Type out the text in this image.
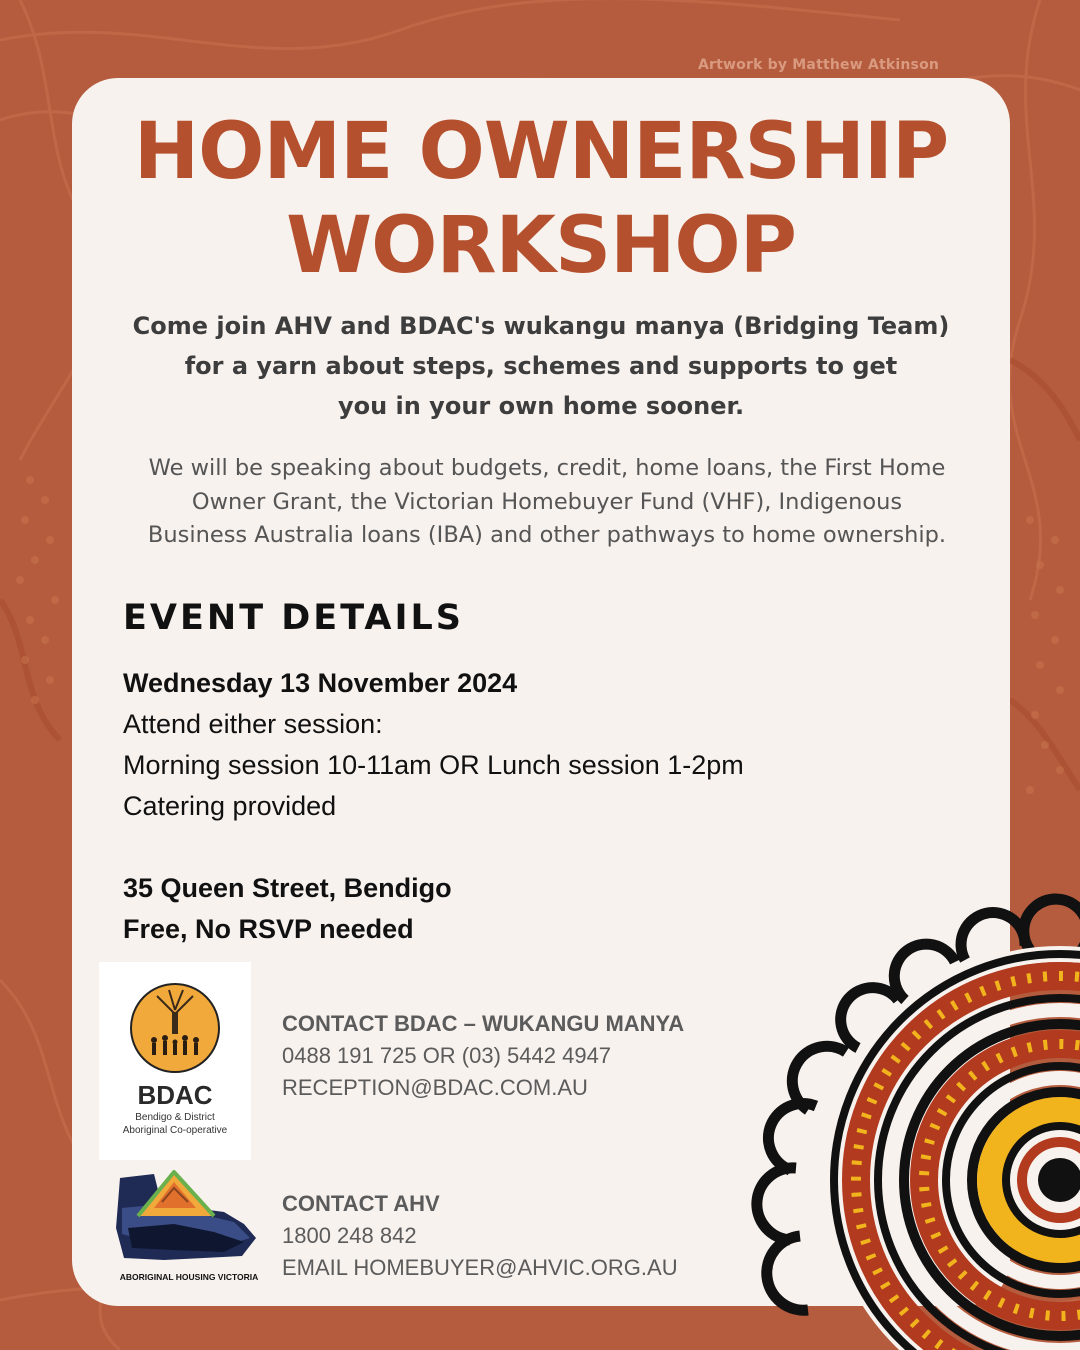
Artwork by Matthew Atkinson
HOME OWNERSHIP
WORKSHOP
Come join AHV and BDAC's wukangu manya (Bridging Team)
for a yarn about steps, schemes and supports to get
you in your own home sooner.
We will be speaking about budgets, credit, home loans, the First Home
Owner Grant, the Victorian Homebuyer Fund (VHF), Indigenous
Business Australia loans (IBA) and other pathways to home ownership.
EVENT DETAILS
Wednesday 13 November 2024
Attend either session:
Morning session 10-11am OR Lunch session 1-2pm
Catering provided
35 Queen Street, Bendigo
Free, No RSVP needed
BDAC
Bendigo & District
Aboriginal Co-operative
CONTACT BDAC – WUKANGU MANYA
0488 191 725 OR (03) 5442 4947
RECEPTION@BDAC.COM.AU
ABORIGINAL HOUSING VICTORIA
CONTACT AHV
1800 248 842
EMAIL HOMEBUYER@AHVIC.ORG.AU
